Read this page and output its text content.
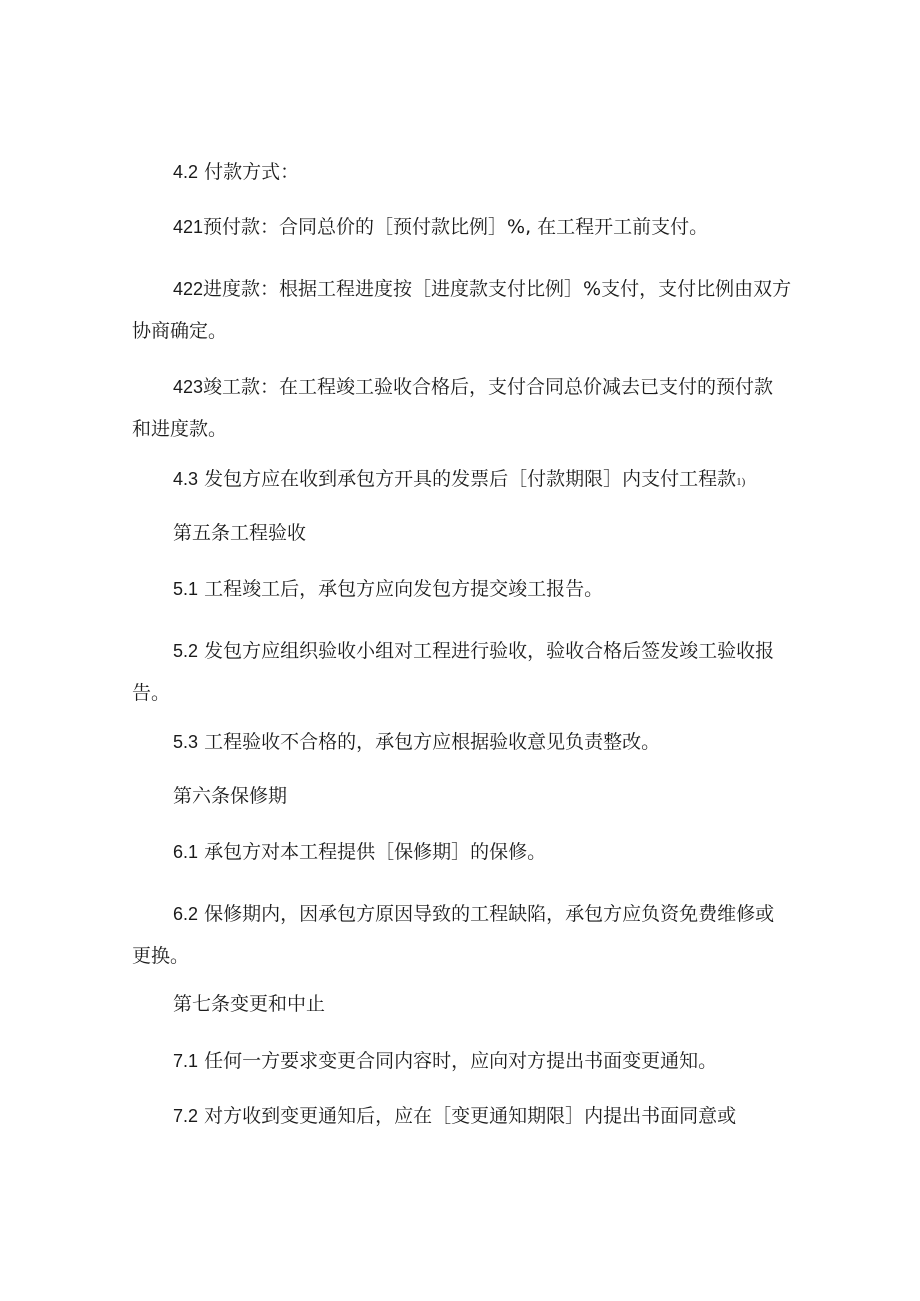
4.2 付款方式：

421预付款：合同总价的［预付款比例］%, 在工程开工前支付。

422进度款：根据工程进度按［进度款支付比例］%支付，支付比例由双方协商确定。

423竣工款：在工程竣工验收合格后，支付合同总价减去已支付的预付款和进度款。

4.3 发包方应在收到承包方开具的发票后［付款期限］内支付工程款1)

第五条工程验收

5.1 工程竣工后，承包方应向发包方提交竣工报告。

5.2 发包方应组织验收小组对工程进行验收，验收合格后签发竣工验收报告。

5.3 工程验收不合格的，承包方应根据验收意见负责整改。

第六条保修期

6.1 承包方对本工程提供［保修期］的保修。

6.2 保修期内，因承包方原因导致的工程缺陷，承包方应负资免费维修或更换。

第七条变更和中止

7.1 任何一方要求变更合同内容时，应向对方提出书面变更通知。

7.2 对方收到变更通知后，应在［变更通知期限］内提出书面同意或
